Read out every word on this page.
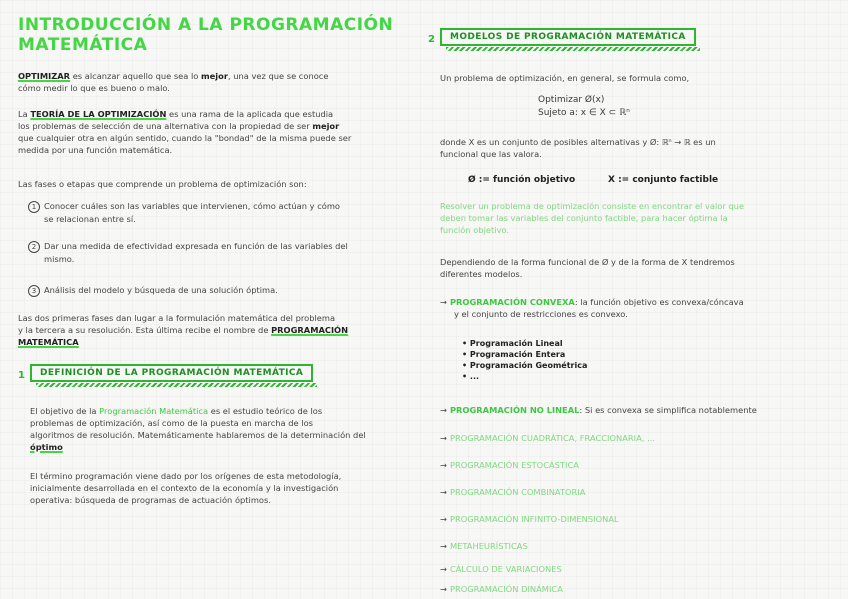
INTRODUCCIÓN A LA PROGRAMACIÓN
MATEMÁTICA
OPTIMIZAR es alcanzar aquello que sea lo mejor, una vez que se conoce
cómo medir lo que es bueno o malo.
La TEORÍA DE LA OPTIMIZACIÓN es una rama de la aplicada que estudia
los problemas de selección de una alternativa con la propiedad de ser mejor
que cualquier otra en algún sentido, cuando la "bondad" de la misma puede ser
medida por una función matemática.
Las fases o etapas que comprende un problema de optimización son:
1 Conocer cuáles son las variables que intervienen, cómo actúan y cómo
se relacionan entre sí.
2 Dar una medida de efectividad expresada en función de las variables del
mismo.
3 Análisis del modelo y búsqueda de una solución óptima.
Las dos primeras fases dan lugar a la formulación matemática del problema
y la tercera a su resolución. Esta última recibe el nombre de PROGRAMACIÓN
MATEMÁTICA
1	DEFINICIÓN DE LA PROGRAMACIÓN MATEMÁTICA
El objetivo de la Programación Matemática es el estudio teórico de los
problemas de optimización, así como de la puesta en marcha de los
algoritmos de resolución. Matemáticamente hablaremos de la determinación del
óptimo
El término programación viene dado por los orígenes de esta metodología,
inicialmente desarrollada en el contexto de la economía y la investigación
operativa: búsqueda de programas de actuación óptimos.
2	MODELOS DE PROGRAMACIÓN MATEMÁTICA
Un problema de optimización, en general, se formula como,
Optimizar Ø(x)
Sujeto a: x ∈ X ⊂ ℝⁿ
donde X es un conjunto de posibles alternativas y Ø: ℝⁿ → ℝ es un
funcional que las valora.
Ø := función objetivo	X := conjunto factible
Resolver un problema de optimización consiste en encontrar el valor que
deben tomar las variables del conjunto factible, para hacer óptima la
función objetivo.
Dependiendo de la forma funcional de Ø y de la forma de X tendremos
diferentes modelos.
→ PROGRAMACIÓN CONVEXA: la función objetivo es convexa/cóncava
y el conjunto de restricciones es convexo.
• Programación Lineal
• Programación Entera
• Programación Geométrica
• ...
→ PROGRAMACIÓN NO LINEAL: Si es convexa se simplifica notablemente
→ PROGRAMACIÓN CUADRÁTICA, FRACCIONARIA, ...
→ PROGRAMACIÓN ESTOCÁSTICA
→ PROGRAMACIÓN COMBINATORIA
→ PROGRAMACIÓN INFINITO-DIMENSIONAL
→ METAHEURÍSTICAS
→ CÁLCULO DE VARIACIONES
→ PROGRAMACIÓN DINÁMICA
